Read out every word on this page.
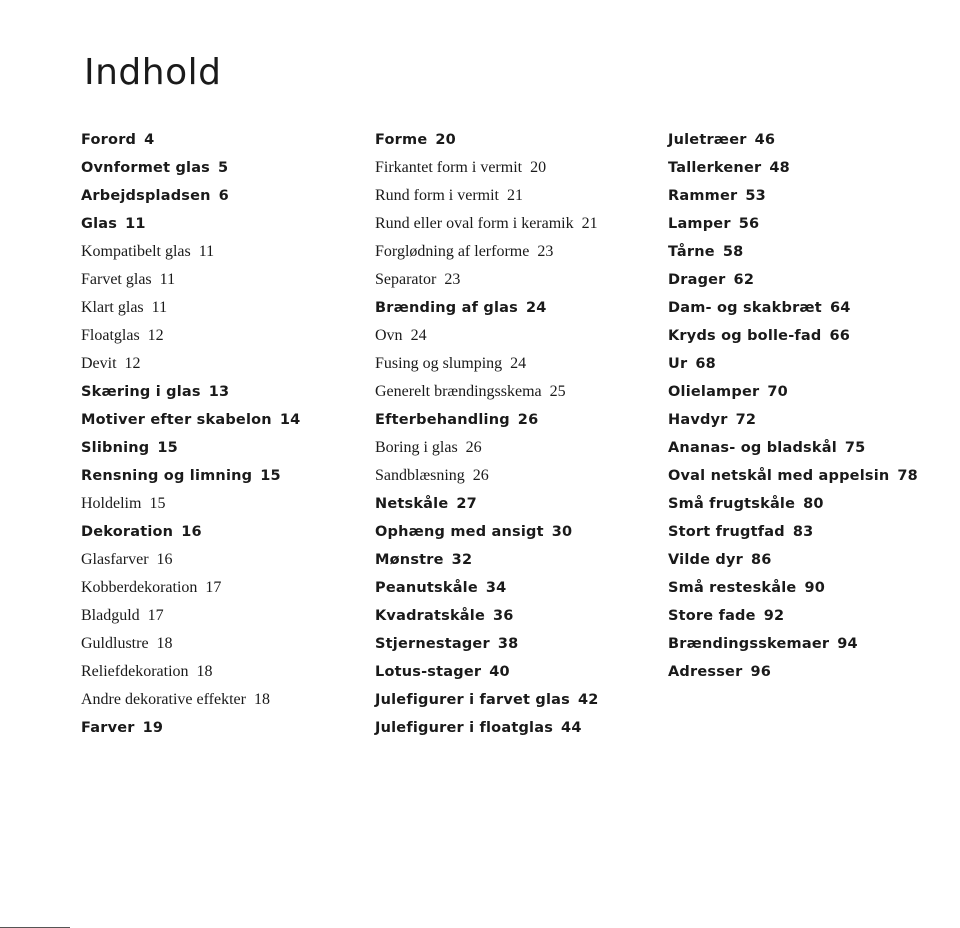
Indhold
Forord 4
Ovnformet glas 5
Arbejdspladsen 6
Glas 11
Kompatibelt glas 11
Farvet glas 11
Klart glas 11
Floatglas 12
Devit 12
Skæring i glas 13
Motiver efter skabelon 14
Slibning 15
Rensning og limning 15
Holdelim 15
Dekoration 16
Glasfarver 16
Kobberdekoration 17
Bladguld 17
Guldlustre 18
Reliefdekoration 18
Andre dekorative effekter 18
Farver 19
Forme 20
Firkantet form i vermit 20
Rund form i vermit 21
Rund eller oval form i keramik 21
Forglødning af lerforme 23
Separator 23
Brænding af glas 24
Ovn 24
Fusing og slumping 24
Generelt brændingsskema 25
Efterbehandling 26
Boring i glas 26
Sandblæsning 26
Netskåle 27
Ophæng med ansigt 30
Mønstre 32
Peanutskåle 34
Kvadratskåle 36
Stjernestager 38
Lotus-stager 40
Julefigurer i farvet glas 42
Julefigurer i floatglas 44
Juletræer 46
Tallerkener 48
Rammer 53
Lamper 56
Tårne 58
Drager 62
Dam- og skakbræt 64
Kryds og bolle-fad 66
Ur 68
Olielamper 70
Havdyr 72
Ananas- og bladskål 75
Oval netskål med appelsin 78
Små frugtskåle 80
Stort frugtfad 83
Vilde dyr 86
Små resteskåle 90
Store fade 92
Brændingsskemaer 94
Adresser 96
